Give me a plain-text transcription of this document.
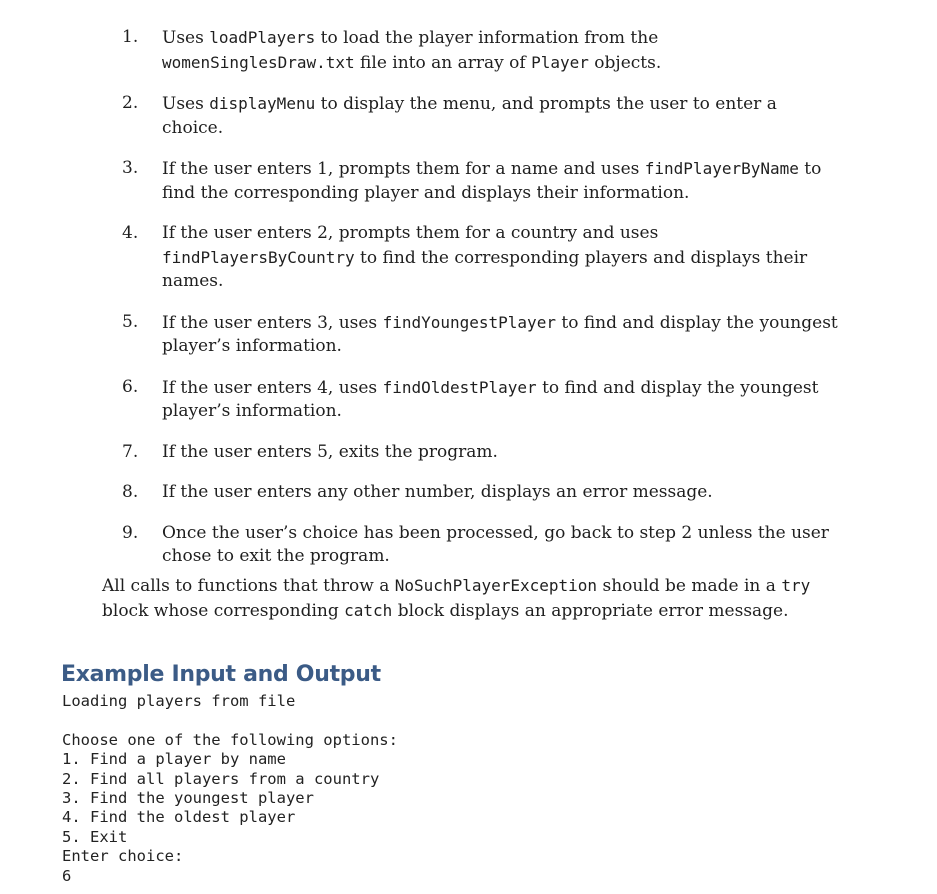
1.	Uses loadPlayers to load the player information from the womenSinglesDraw.txt file into an array of Player objects.
2.	Uses displayMenu to display the menu, and prompts the user to enter a choice.
3.	If the user enters 1, prompts them for a name and uses findPlayerByName to find the corresponding player and displays their information.
4.	If the user enters 2, prompts them for a country and uses findPlayersByCountry to find the corresponding players and displays their names.
5.	If the user enters 3, uses findYoungestPlayer to find and display the youngest player’s information.
6.	If the user enters 4, uses findOldestPlayer to find and display the youngest player’s information.
7.	If the user enters 5, exits the program.
8.	If the user enters any other number, displays an error message.
9.	Once the user’s choice has been processed, go back to step 2 unless the user chose to exit the program.

All calls to functions that throw a NoSuchPlayerException should be made in a try block whose corresponding catch block displays an appropriate error message.

Example Input and Output
Loading players from file
Choose one of the following options:
1. Find a player by name
2. Find all players from a country
3. Find the youngest player
4. Find the oldest player
5. Exit
Enter choice:
6
